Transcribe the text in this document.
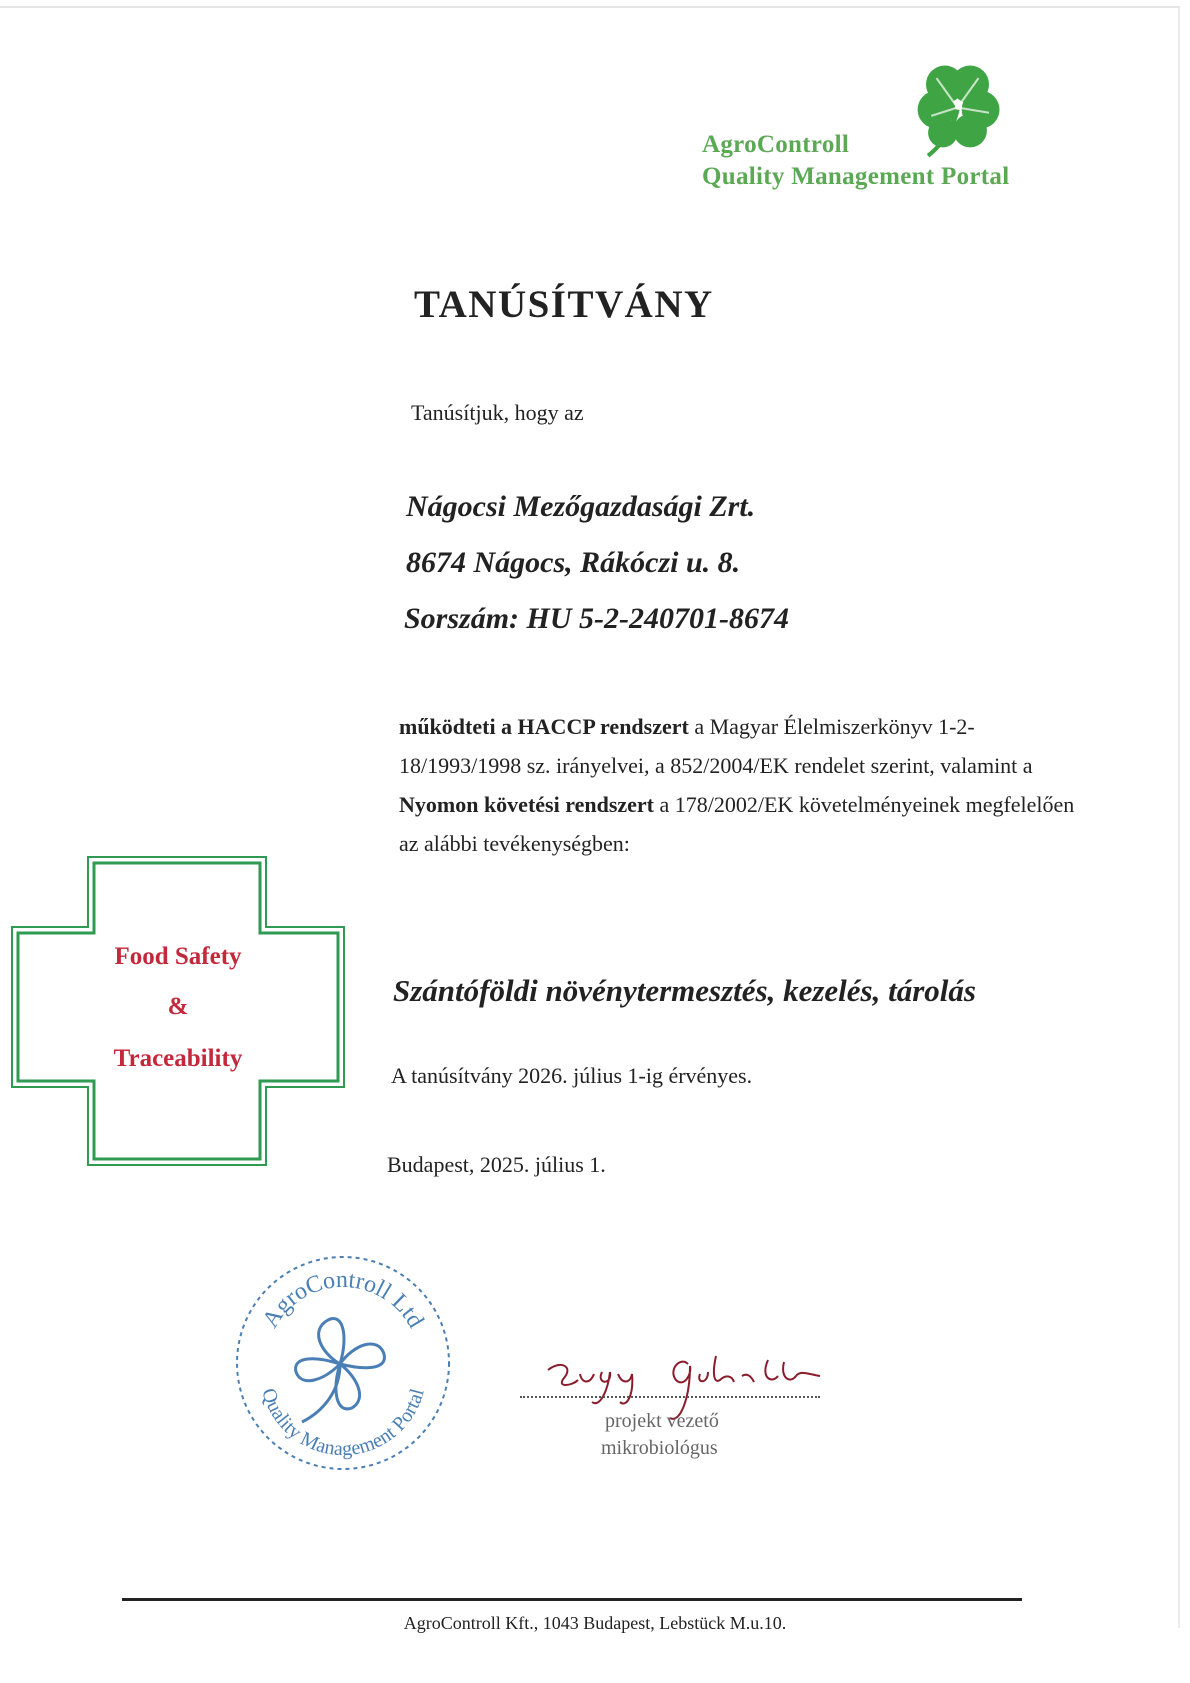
AgroControll
Quality Management Portal
TANÚSÍTVÁNY
Tanúsítjuk, hogy az
Nágocsi Mezőgazdasági Zrt.
8674 Nágocs, Rákóczi u. 8.
Sorszám: HU 5-2-240701-8674
működteti a HACCP rendszert a Magyar Élelmiszerkönyv 1-2-18/1993/1998 sz. irányelvei, a 852/2004/EK rendelet szerint, valamint a Nyomon követési rendszert a 178/2002/EK követelményeinek megfelelően az alábbi tevékenységben:
Food Safety
&
Traceability
Szántóföldi növénytermesztés, kezelés, tárolás
A tanúsítvány 2026. július 1-ig érvényes.
Budapest, 2025. július 1.
AgroControll Ltd
Quality Management Portal
projekt vezető
mikrobiológus
AgroControll Kft., 1043 Budapest, Lebstück M.u.10.
